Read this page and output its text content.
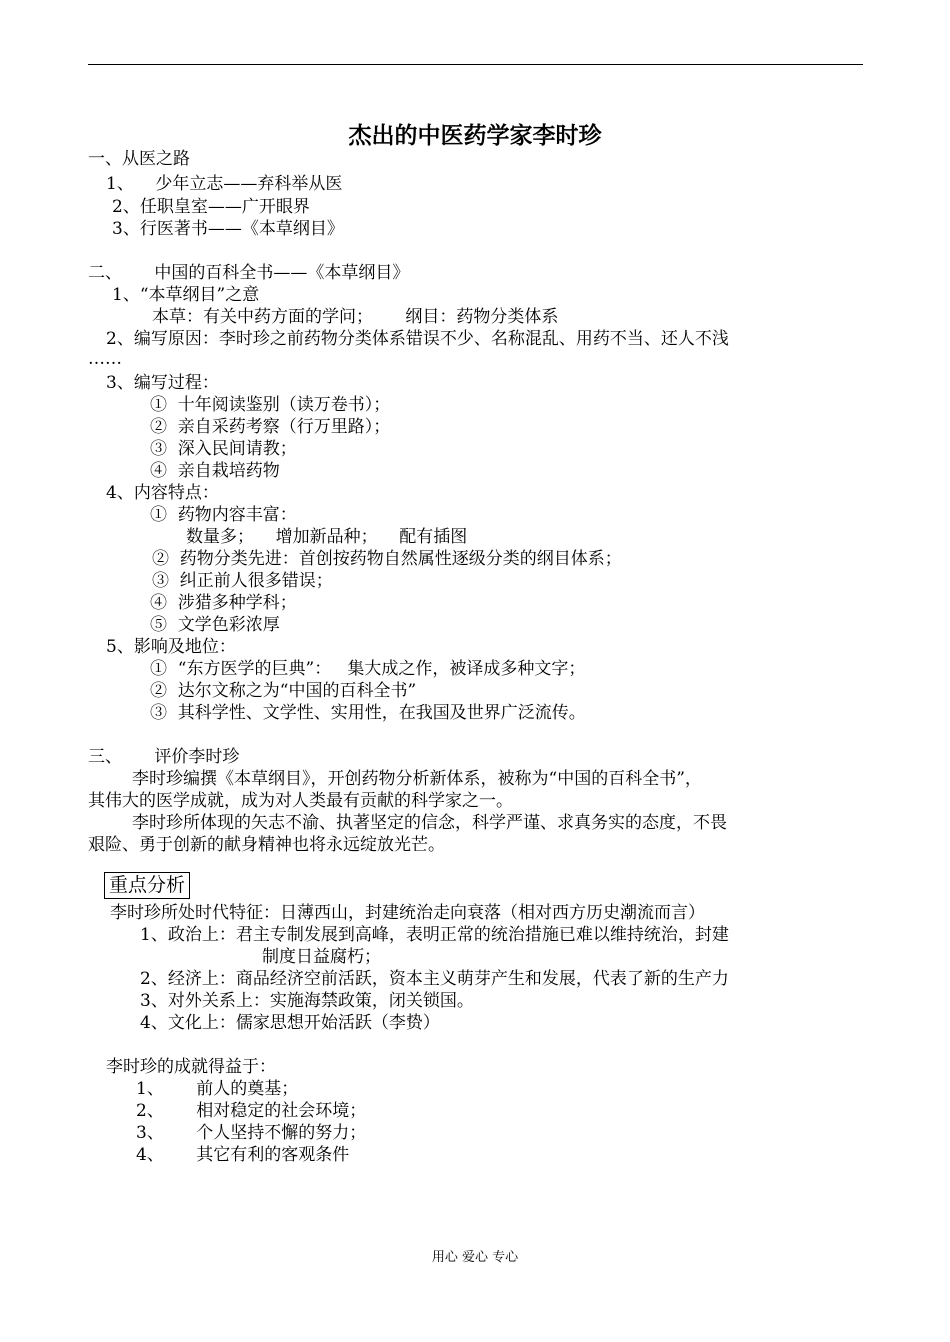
杰出的中医药学家李时珍
一、从医之路
1、    少年立志——弃科举从医
2、任职皇室——广开眼界
3、行医著书——《本草纲目》
二、      中国的百科全书——《本草纲目》
1、“本草纲目”之意
本草：有关中药方面的学问；      纲目：药物分类体系
2、编写原因：李时珍之前药物分类体系错误不少、名称混乱、用药不当、还人不浅
……
3、编写过程：
①  十年阅读鉴别（读万卷书）；
②  亲自采药考察（行万里路）；
③  深入民间请教；
④  亲自栽培药物
4、内容特点：
①  药物内容丰富：
数量多；    增加新品种；    配有插图
②  药物分类先进：首创按药物自然属性逐级分类的纲目体系；
③  纠正前人很多错误；
④  涉猎多种学科；
⑤  文学色彩浓厚
5、影响及地位：
①  “东方医学的巨典”：   集大成之作，被译成多种文字；
②  达尔文称之为“中国的百科全书”
③  其科学性、文学性、实用性，在我国及世界广泛流传。
三、      评价李时珍
李时珍编撰《本草纲目》，开创药物分析新体系，被称为“中国的百科全书”，
其伟大的医学成就，成为对人类最有贡献的科学家之一。
李时珍所体现的矢志不渝、执著坚定的信念，科学严谨、求真务实的态度，不畏
艰险、勇于创新的献身精神也将永远绽放光芒。
李时珍所处时代特征：日薄西山，封建统治走向衰落（相对西方历史潮流而言）
1、政治上：君主专制发展到高峰，表明正常的统治措施已难以维持统治，封建
制度日益腐朽；
2、经济上：商品经济空前活跃，资本主义萌芽产生和发展，代表了新的生产力
3、对外关系上：实施海禁政策，闭关锁国。
4、文化上：儒家思想开始活跃（李贽）
李时珍的成就得益于：
1、      前人的奠基；
2、      相对稳定的社会环境；
3、      个人坚持不懈的努力；
4、      其它有利的客观条件
重点分析
用心 爱心 专心
